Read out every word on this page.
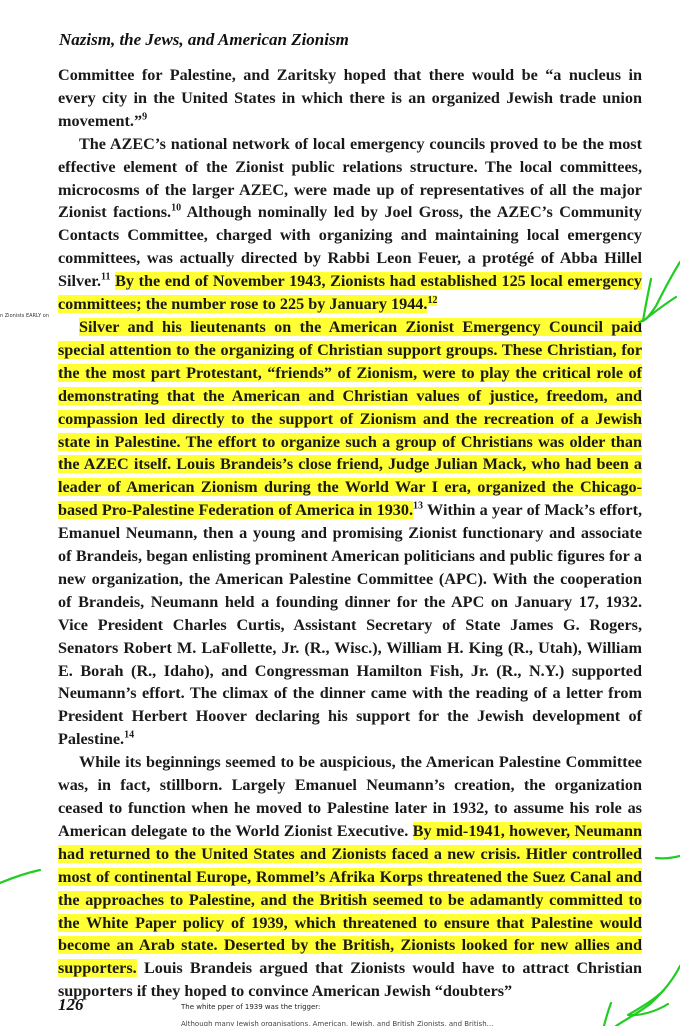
Nazism, the Jews, and American Zionism

Committee for Palestine, and Zaritsky hoped that there would be “a nucleus in every city in the United States in which there is an organized Jewish trade union movement.”$^9$

The AZEC’s national network of local emergency councils proved to be the most effective element of the Zionist public relations structure. The local committees, microcosms of the larger AZEC, were made up of representatives of all the major Zionist factions.$^{10}$ Although nominally led by Joel Gross, the AZEC’s Community Contacts Committee, charged with organizing and maintaining local emergency committees, was actually directed by Rabbi Leon Feuer, a protégé of Abba Hillel Silver.$^{11}$ By the end of November 1943, Zionists had established 125 local emergency committees; the number rose to 225 by January 1944.12

Silver and his lieutenants on the American Zionist Emergency Council paid special attention to the organizing of Christian support groups. These Christian, for the the most part Protestant, “friends” of Zionism, were to play the critical role of demonstrating that the American and Christian values of justice, freedom, and compassion led directly to the support of Zionism and the recreation of a Jewish state in Palestine. The effort to organize such a group of Christians was older than the AZEC itself. Louis Brandeis’s close friend, Judge Julian Mack, who had been a leader of American Zionism during the World War I era, organized the Chicago-based Pro-Palestine Federation of America in 1930.13 Within a year of Mack’s effort, Emanuel Neumann, then a young and promising Zionist functionary and associate of Brandeis, began enlisting prominent American politicians and public figures for a new organization, the American Palestine Committee (APC). With the cooperation of Brandeis, Neumann held a founding dinner for the APC on January 17, 1932. Vice President Charles Curtis, Assistant Secretary of State James G. Rogers, Senators Robert M. LaFollette, Jr. (R., Wisc.), William H. King (R., Utah), William E. Borah (R., Idaho), and Congressman Hamilton Fish, Jr. (R., N.Y.) supported Neumann’s effort. The climax of the dinner came with the reading of a letter from President Herbert Hoover declaring his support for the Jewish development of Palestine.$^{14}$

While its beginnings seemed to be auspicious, the American Palestine Committee was, in fact, stillborn. Largely Emanuel Neumann’s creation, the organization ceased to function when he moved to Palestine later in 1932, to assume his role as American delegate to the World Zionist Executive. By mid-1941, however, Neumann had returned to the United States and Zionists faced a new crisis. Hitler controlled most of continental Europe, Rommel’s Afrika Korps threatened the Suez Canal and the approaches to Palestine, and the British seemed to be adamantly committed to the White Paper policy of 1939, which threatened to ensure that Palestine would become an Arab state. Deserted by the British, Zionists looked for new allies and supporters. Louis Brandeis argued that Zionists would have to attract Christian supporters if they hoped to convince American Jewish “doubters”

126
n Zionists EARLY on
The white pper of 1939 was the trigger:
Although many Jewish organisations, American, Jewish, and British Zionists, and British...
